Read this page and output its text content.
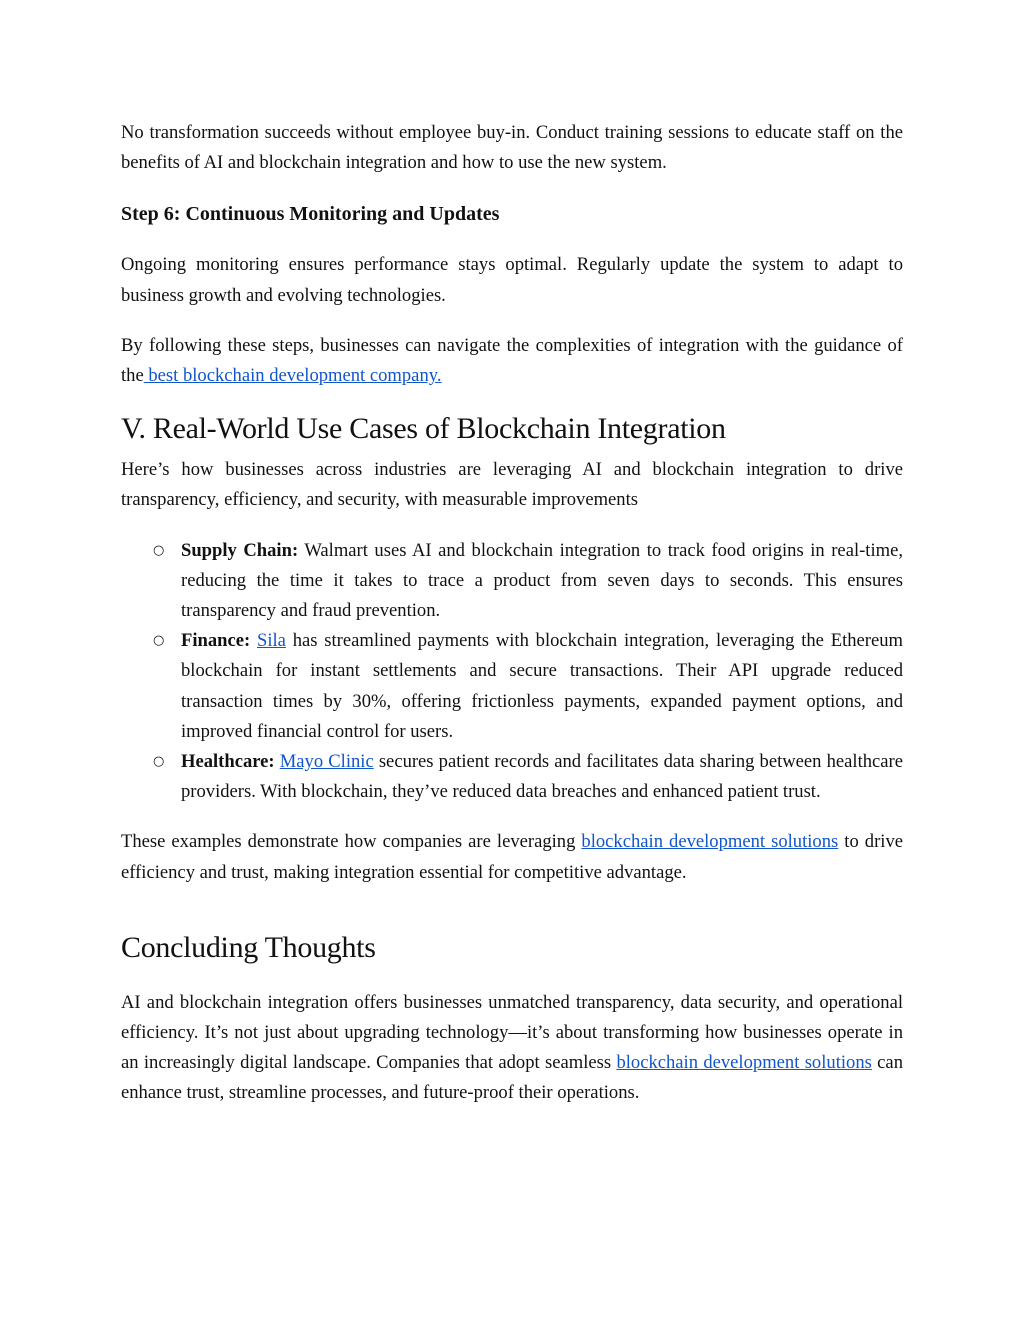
No transformation succeeds without employee buy-in. Conduct training sessions to educate staff on the benefits of AI and blockchain integration and how to use the new system.

Step 6: Continuous Monitoring and Updates

Ongoing monitoring ensures performance stays optimal. Regularly update the system to adapt to business growth and evolving technologies.

By following these steps, businesses can navigate the complexities of integration with the guidance of the best blockchain development company.

V. Real-World Use Cases of Blockchain Integration

Here’s how businesses across industries are leveraging AI and blockchain integration to drive transparency, efficiency, and security, with measurable improvements

○ Supply Chain: Walmart uses AI and blockchain integration to track food origins in real-time, reducing the time it takes to trace a product from seven days to seconds. This ensures transparency and fraud prevention.
○ Finance: Sila has streamlined payments with blockchain integration, leveraging the Ethereum blockchain for instant settlements and secure transactions. Their API upgrade reduced transaction times by 30%, offering frictionless payments, expanded payment options, and improved financial control for users.
○ Healthcare: Mayo Clinic secures patient records and facilitates data sharing between healthcare providers. With blockchain, they’ve reduced data breaches and enhanced patient trust.

These examples demonstrate how companies are leveraging blockchain development solutions to drive efficiency and trust, making integration essential for competitive advantage.

Concluding Thoughts

AI and blockchain integration offers businesses unmatched transparency, data security, and operational efficiency. It’s not just about upgrading technology—it’s about transforming how businesses operate in an increasingly digital landscape. Companies that adopt seamless blockchain development solutions can enhance trust, streamline processes, and future-proof their operations.
